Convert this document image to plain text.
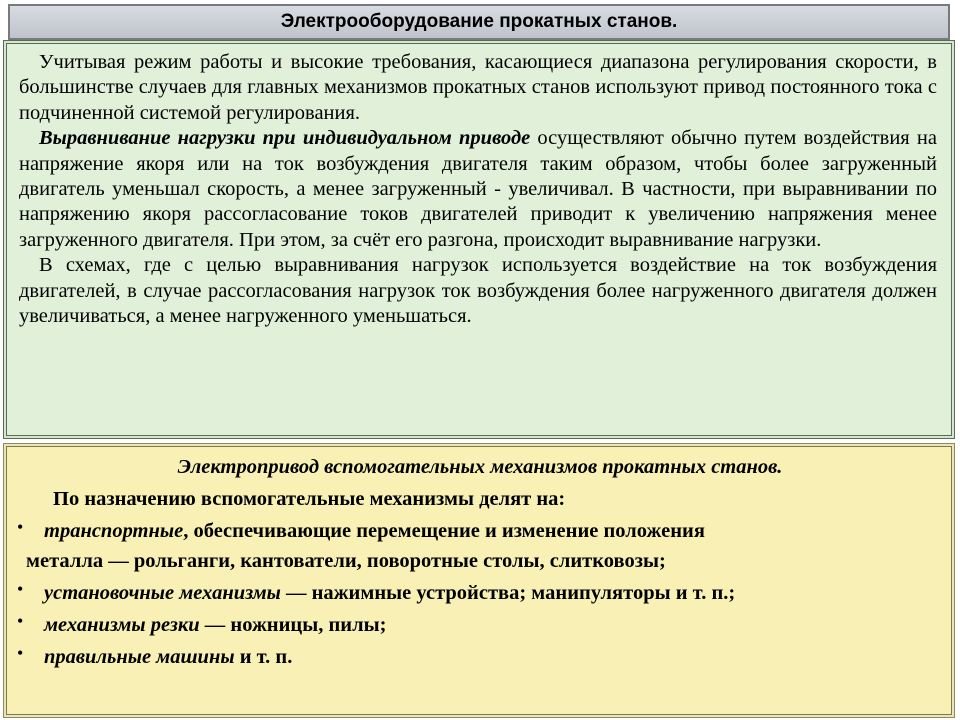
Электрооборудование прокатных станов.

Учитывая режим работы и высокие требования, касающиеся диапазона регулирования скорости, в большинстве случаев для главных механизмов прокатных станов используют привод постоянного тока с подчиненной системой регулирования.

Выравнивание нагрузки при индивидуальном приводе осуществляют обычно путем воздействия на напряжение якоря или на ток возбуждения двигателя таким образом, чтобы более загруженный двигатель уменьшал скорость, а менее загруженный - увеличивал. В частности, при выравнивании по напряжению якоря рассогласование токов двигателей приводит к увеличению напряжения менее загруженного двигателя. При этом, за счёт его разгона, происходит выравнивание нагрузки.

В схемах, где с целью выравнивания нагрузок используется воздействие на ток возбуждения двигателей, в случае рассогласования нагрузок ток возбуждения более нагруженного двигателя должен увеличиваться, а менее нагруженного уменьшаться.

Электропривод вспомогательных механизмов прокатных станов.

По назначению вспомогательные механизмы делят на:

• транспортные, обеспечивающие перемещение и изменение положения
металла — рольганги, кантователи, поворотные столы, слитковозы;
• установочные механизмы — нажимные устройства; манипуляторы и т. п.;
• механизмы резки — ножницы, пилы;
• правильные машины и т. п.
